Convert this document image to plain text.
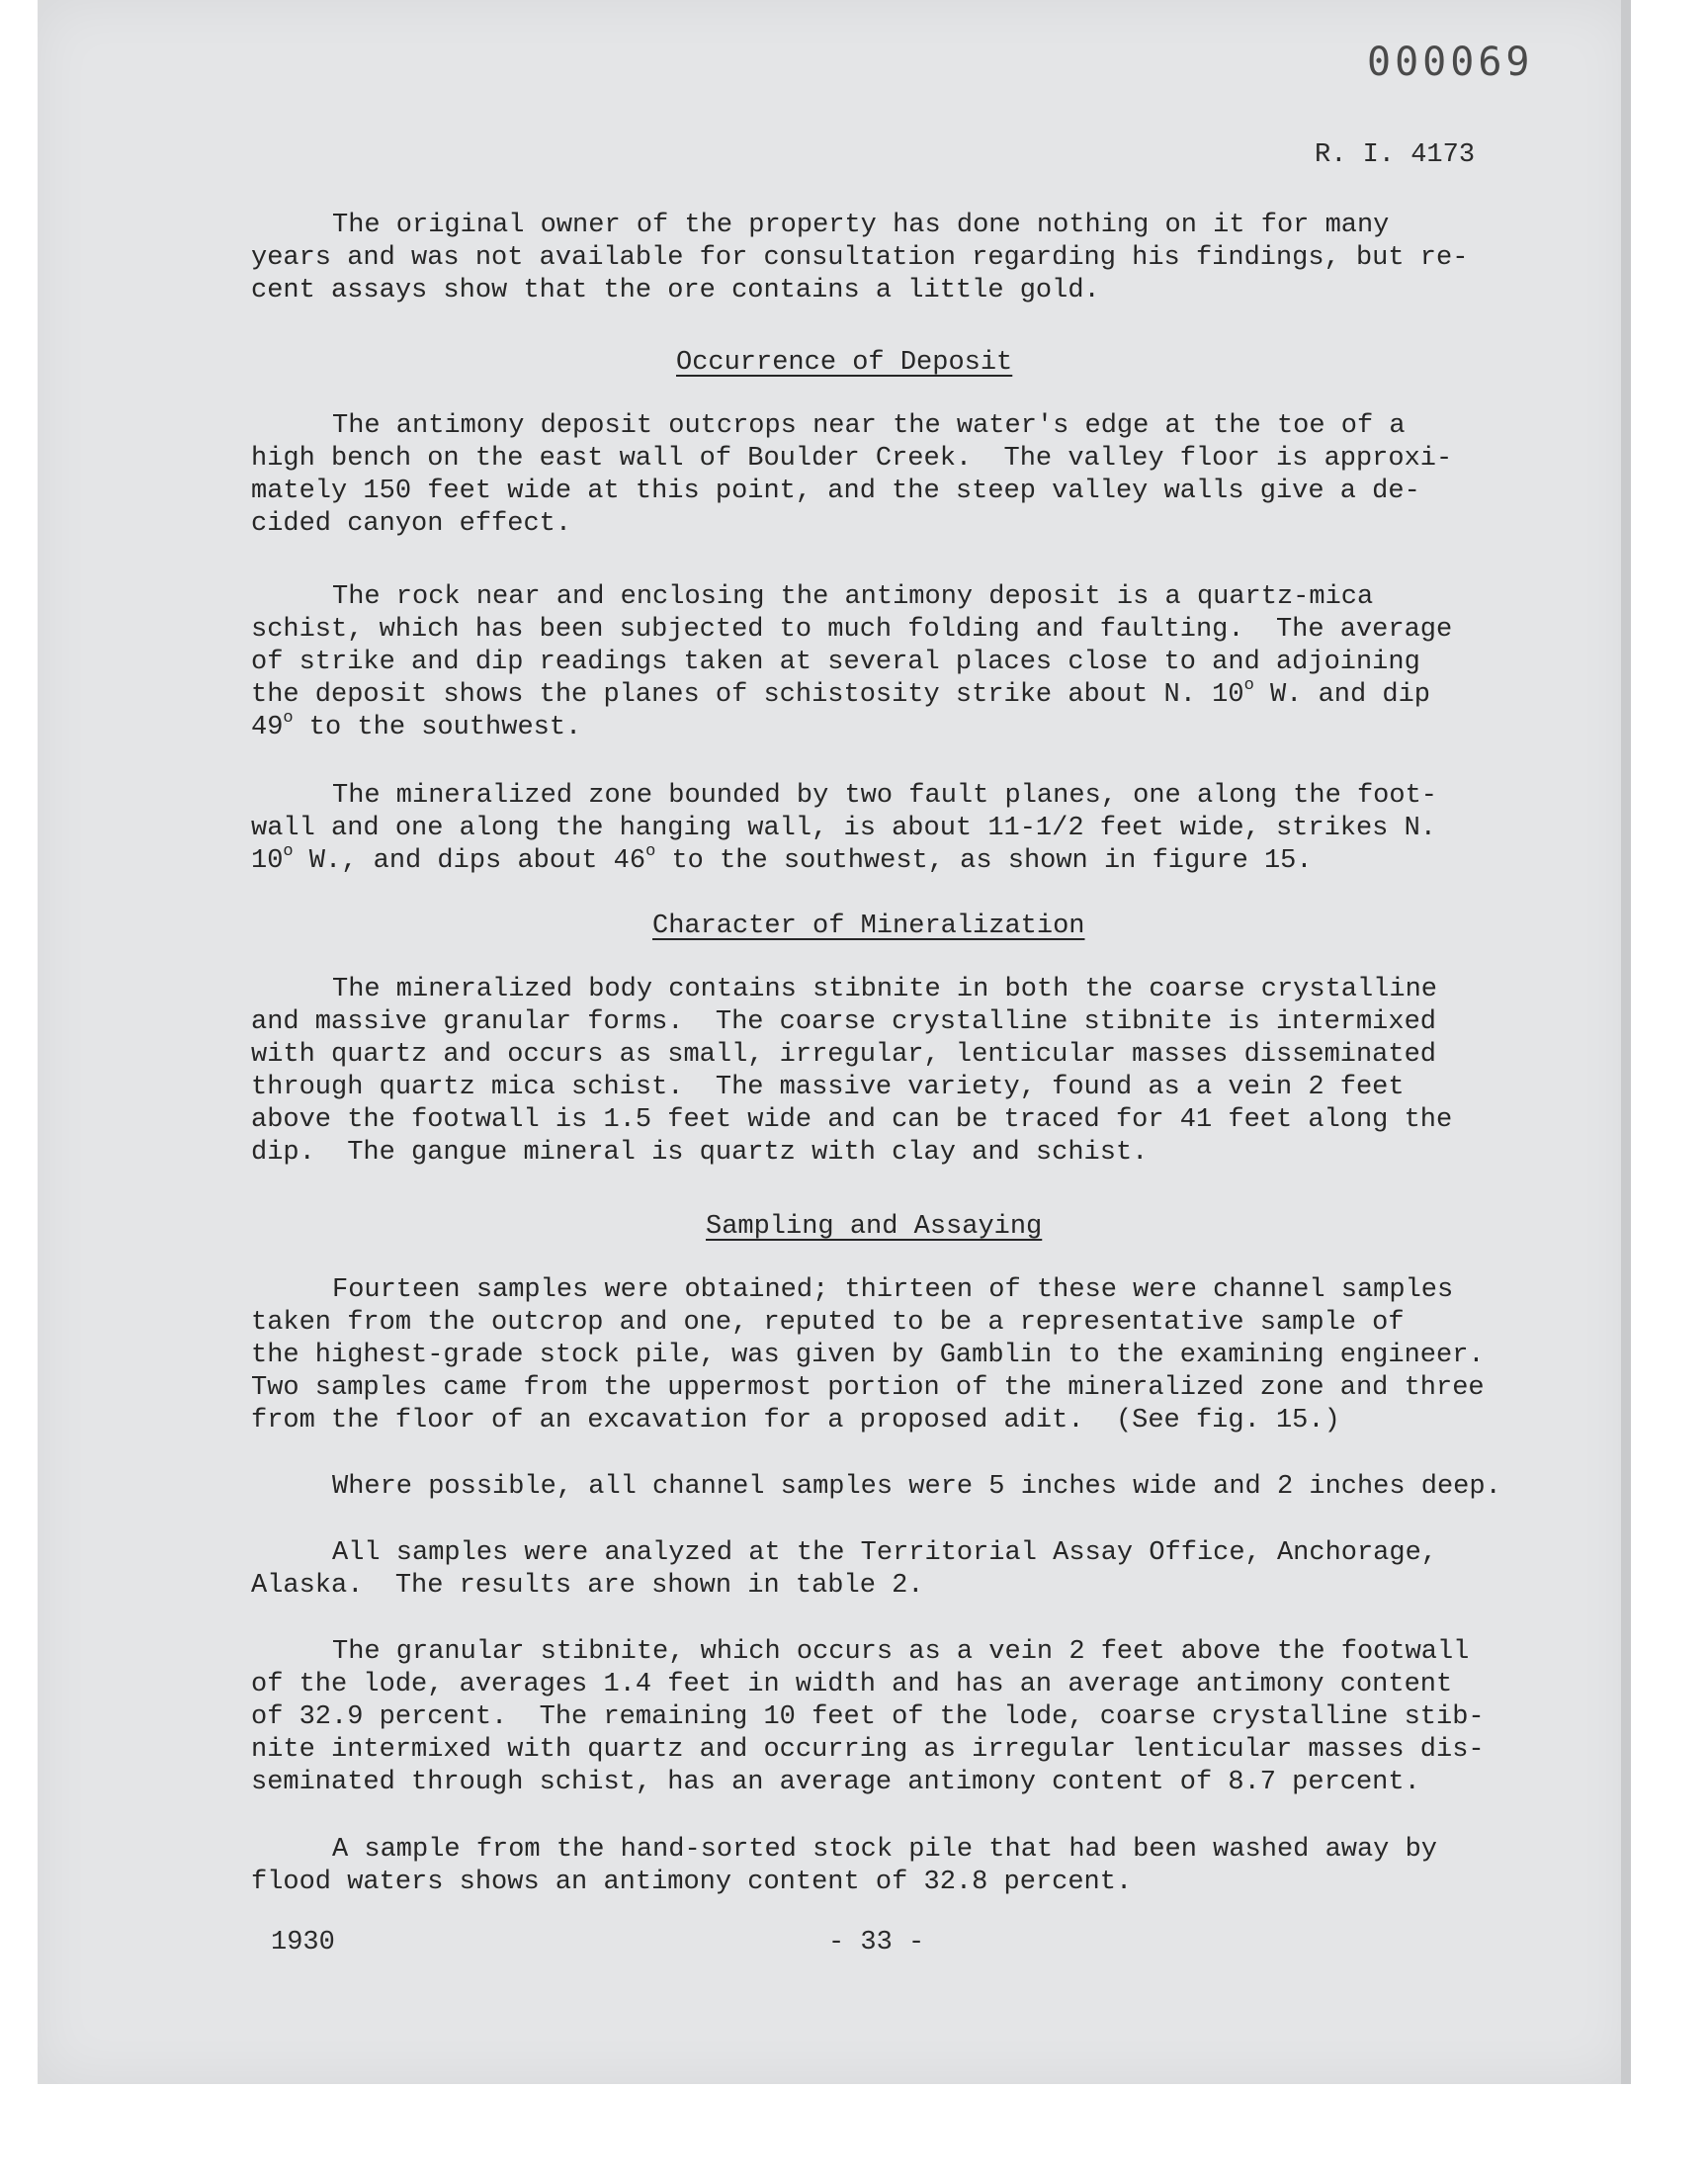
000069
R. I. 4173
The original owner of the property has done nothing on it for many
years and was not available for consultation regarding his findings, but re-
cent assays show that the ore contains a little gold.
Occurrence of Deposit
The antimony deposit outcrops near the water's edge at the toe of a
high bench on the east wall of Boulder Creek.  The valley floor is approxi-
mately 150 feet wide at this point, and the steep valley walls give a de-
cided canyon effect.
The rock near and enclosing the antimony deposit is a quartz-mica
schist, which has been subjected to much folding and faulting.  The average
of strike and dip readings taken at several places close to and adjoining
the deposit shows the planes of schistosity strike about N. 10$^o$ W. and dip
49$^o$ to the southwest.
The mineralized zone bounded by two fault planes, one along the foot-
wall and one along the hanging wall, is about 11-1/2 feet wide, strikes N.
10$^o$ W., and dips about 46$^o$ to the southwest, as shown in figure 15.
Character of Mineralization
The mineralized body contains stibnite in both the coarse crystalline
and massive granular forms.  The coarse crystalline stibnite is intermixed
with quartz and occurs as small, irregular, lenticular masses disseminated
through quartz mica schist.  The massive variety, found as a vein 2 feet
above the footwall is 1.5 feet wide and can be traced for 41 feet along the
dip.  The gangue mineral is quartz with clay and schist.
Sampling and Assaying
Fourteen samples were obtained; thirteen of these were channel samples
taken from the outcrop and one, reputed to be a representative sample of
the highest-grade stock pile, was given by Gamblin to the examining engineer.
Two samples came from the uppermost portion of the mineralized zone and three
from the floor of an excavation for a proposed adit.  (See fig. 15.)
Where possible, all channel samples were 5 inches wide and 2 inches deep.
All samples were analyzed at the Territorial Assay Office, Anchorage,
Alaska.  The results are shown in table 2.
The granular stibnite, which occurs as a vein 2 feet above the footwall
of the lode, averages 1.4 feet in width and has an average antimony content
of 32.9 percent.  The remaining 10 feet of the lode, coarse crystalline stib-
nite intermixed with quartz and occurring as irregular lenticular masses dis-
seminated through schist, has an average antimony content of 8.7 percent.
A sample from the hand-sorted stock pile that had been washed away by
flood waters shows an antimony content of 32.8 percent.
1930	- 33 -
